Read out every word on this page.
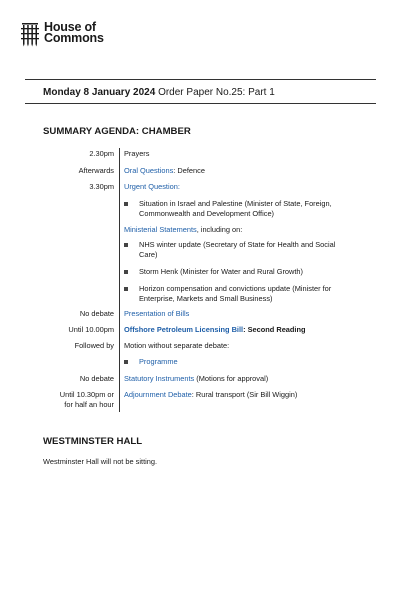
House of
Commons
Monday 8 January 2024 Order Paper No.25: Part 1
SUMMARY AGENDA: CHAMBER
2.30pm Prayers
Afterwards Oral Questions: Defence
3.30pm Urgent Question:
Situation in Israel and Palestine (Minister of State, Foreign,
Commonwealth and Development Office)
Ministerial Statements, including on:
NHS winter update (Secretary of State for Health and Social
Care)
Storm Henk (Minister for Water and Rural Growth)
Horizon compensation and convictions update (Minister for
Enterprise, Markets and Small Business)
No debate Presentation of Bills
Until 10.00pm Offshore Petroleum Licensing Bill: Second Reading
Followed by Motion without separate debate:
Programme
No debate Statutory Instruments (Motions for approval)
Until 10.30pm or
for half an hour
Adjournment Debate: Rural transport (Sir Bill Wiggin)
WESTMINSTER HALL
Westminster Hall will not be sitting.
